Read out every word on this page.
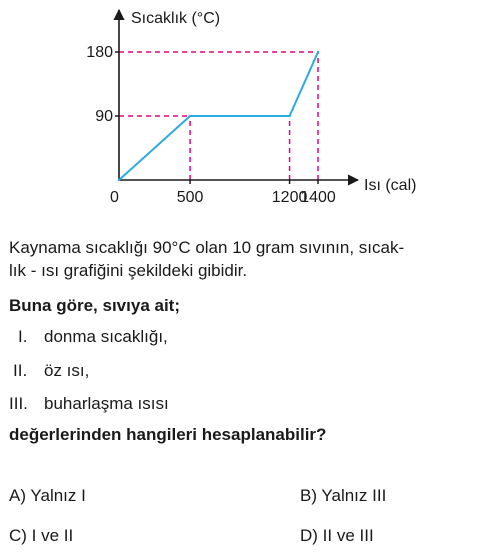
90
180
500	1200
1400
Sıcaklık (°C)
Isı (cal)
0
Kaynama sıcaklığı 90°C olan 10 gram sıvının, sıcak-
lık - ısı grafiğini şekildeki gibidir.
Buna göre, sıvıya ait;
I. donma sıcaklığı,
II. öz ısı,
III. buharlaşma ısısı
değerlerinden hangileri hesaplanabilir?
A) Yalnız I	B) Yalnız III
C) I ve II	D) II ve III
